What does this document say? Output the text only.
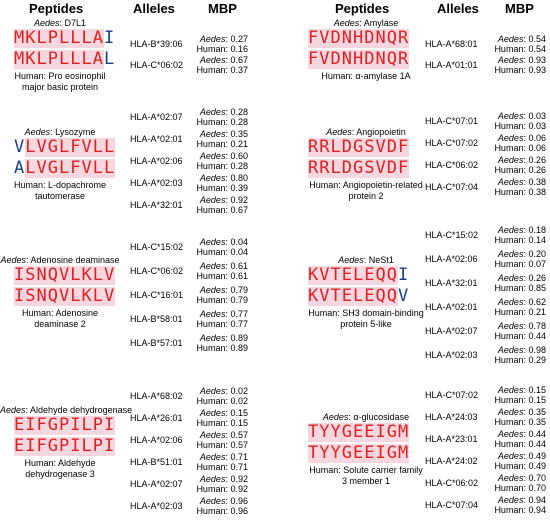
Peptides	Alleles	MBP	Peptides	Alleles MBP
Aedes: D7L1
MKLPLLLAI
MKLPLLLAL
Human: Pro eosinophil major basic protein
HLA-B*39:06	Aedes: 0.27
Human: 0.16
HLA-C*06:02	Aedes: 0.67
Human: 0.37
Aedes: Lysozyme
VLVGLFVLL
ALVGLFVLL
Human: L-dopachrome tautomerase
HLA-A*02:07	Aedes: 0.28
Human: 0.28
HLA-A*02:01	Aedes: 0.35
Human: 0.21
HLA-A*02:06	Aedes: 0.60
Human: 0.28
HLA-A*02:03	Aedes: 0.80
Human: 0.39
HLA-A*32:01	Aedes: 0.92
Human: 0.67
Aedes: Adenosine deaminase
ISNQVLKLV
ISNQVLKLV
Human: Adenosine deaminase 2
HLA-C*15:02	Aedes: 0.04
Human: 0.04
HLA-C*06:02	Aedes: 0.61
Human: 0.61
HLA-C*16:01	Aedes: 0.79
Human: 0.79
HLA-B*58:01	Aedes: 0.77
Human: 0.77
HLA-B*57:01	Aedes: 0.89
Human: 0.89
Aedes: Aldehyde dehydrogenase
EIFGPILPI
EIFGPILPI
Human: Aldehyde dehydrogenase 3
HLA-A*68:02	Aedes: 0.02
Human: 0.02
HLA-A*26:01	Aedes: 0.15
Human: 0.15
HLA-A*02:06	Aedes: 0.57
Human: 0.57
HLA-B*51:01	Aedes: 0.71
Human: 0.71
HLA-A*02:07	Aedes: 0.92
Human: 0.92
HLA-A*02:03	Aedes: 0.96
Human: 0.96
Aedes: Amylase
FVDNHDNQR
FVDNHDNQR
Human: α-amylase 1A
HLA-A*68:01	Aedes: 0.54
Human: 0.54
HLA-A*01:01	Aedes: 0.93
Human: 0.93
Aedes: Angiopoietin
RRLDGSVDF
RRLDGSVDF
Human: Angiopoietin-related protein 2
HLA-C*07:01	Aedes: 0.03
Human: 0.03
HLA-C*07:02	Aedes: 0.06
Human: 0.06
HLA-C*06:02	Aedes: 0.26
Human: 0.26
HLA-C*07:04	Aedes: 0.38
Human: 0.38
Aedes: NeSt1
KVTELEQQI
KVTELEQQV
Human: SH3 domain-binding protein 5-like
HLA-C*15:02	Aedes: 0.18
Human: 0.14
HLA-A*02:06	Aedes: 0.20
Human: 0.07
HLA-A*32:01	Aedes: 0.26
Human: 0.85
HLA-A*02:01	Aedes: 0.62
Human: 0.21
HLA-A*02:07	Aedes: 0.78
Human: 0.44
HLA-A*02:03	Aedes: 0.98
Human: 0.29
Aedes: α-glucosidase
TYYGEEIGM
TYYGEEIGM
Human: Solute carrier family 3 member 1
HLA-C*07:02	Aedes: 0.15
Human: 0.15
HLA-A*24:03	Aedes: 0.35
Human: 0.35
HLA-A*23:01	Aedes: 0.44
Human: 0.44
HLA-A*24:02	Aedes: 0.49
Human: 0.49
HLA-C*06:02	Aedes: 0.70
Human: 0.70
HLA-C*07:04	Aedes: 0.94
Human: 0.94
